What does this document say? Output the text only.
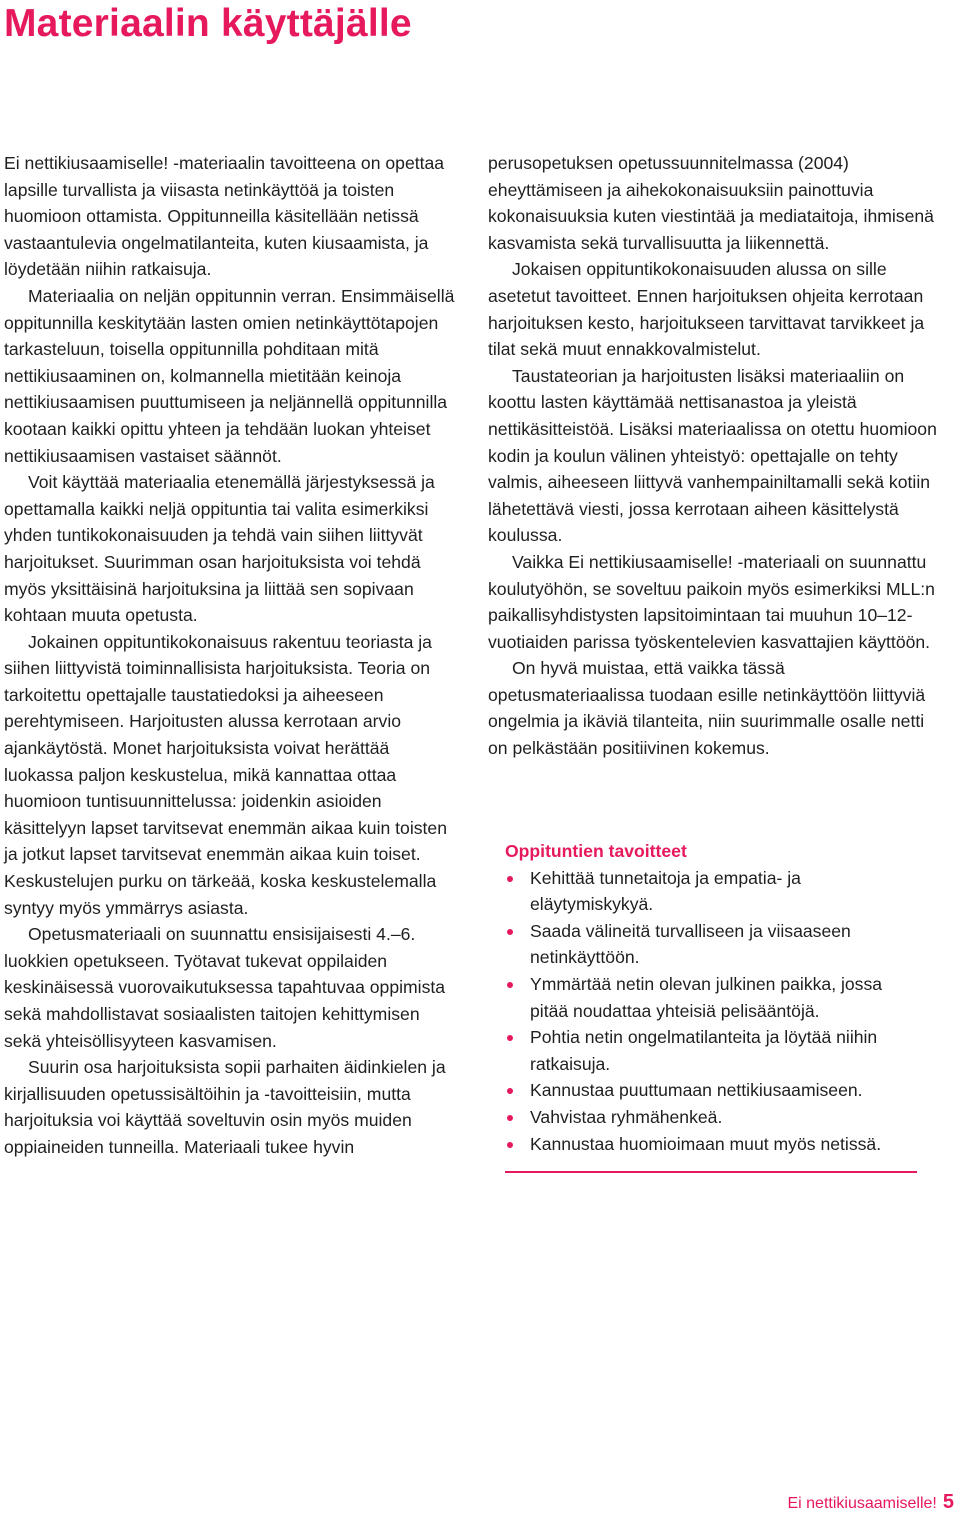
Materiaalin käyttäjälle

Ei nettikiusaamiselle! -materiaalin tavoitteena on opettaa lapsille turvallista ja viisasta netinkäyttöä ja toisten huomioon ottamista. Oppitunneilla käsitellään netissä vastaantulevia ongelmatilanteita, kuten kiusaamista, ja löydetään niihin ratkaisuja.

Materiaalia on neljän oppitunnin verran. Ensimmäisellä oppitunnilla keskitytään lasten omien netinkäyttötapojen tarkasteluun, toisella oppitunnilla pohditaan mitä nettikiusaaminen on, kolmannella mietitään keinoja nettikiusaamisen puuttumiseen ja neljännellä oppitunnilla kootaan kaikki opittu yhteen ja tehdään luokan yhteiset nettikiusaamisen vastaiset säännöt.

Voit käyttää materiaalia etenemällä järjestyksessä ja opettamalla kaikki neljä oppituntia tai valita esimerkiksi yhden tuntikokonaisuuden ja tehdä vain siihen liittyvät harjoitukset. Suurimman osan harjoituksista voi tehdä myös yksittäisinä harjoituksina ja liittää sen sopivaan kohtaan muuta opetusta.

Jokainen oppituntikokonaisuus rakentuu teoriasta ja siihen liittyvistä toiminnallisista harjoituksista. Teoria on tarkoitettu opettajalle taustatiedoksi ja aiheeseen perehtymiseen. Harjoitusten alussa kerrotaan arvio ajankäytöstä. Monet harjoituksista voivat herättää luokassa paljon keskustelua, mikä kannattaa ottaa huomioon tuntisuunnittelussa: joidenkin asioiden käsittelyyn lapset tarvitsevat enemmän aikaa kuin toisten ja jotkut lapset tarvitsevat enemmän aikaa kuin toiset. Keskustelujen purku on tärkeää, koska keskustelemalla syntyy myös ymmärrys asiasta.

Opetusmateriaali on suunnattu ensisijaisesti 4.–6. luokkien opetukseen. Työtavat tukevat oppilaiden keskinäisessä vuorovaikutuksessa tapahtuvaa oppimista sekä mahdollistavat sosiaalisten taitojen kehittymisen sekä yhteisöllisyyteen kasvamisen.

Suurin osa harjoituksista sopii parhaiten äidinkielen ja kirjallisuuden opetussisältöihin ja -tavoitteisiin, mutta harjoituksia voi käyttää soveltuvin osin myös muiden oppiaineiden tunneilla. Materiaali tukee hyvin

perusopetuksen opetussuunnitelmassa (2004) eheyttämiseen ja aihekokonaisuuksiin painottuvia kokonaisuuksia kuten viestintää ja mediataitoja, ihmisenä kasvamista sekä turvallisuutta ja liikennettä.

Jokaisen oppituntikokonaisuuden alussa on sille asetetut tavoitteet. Ennen harjoituksen ohjeita kerrotaan harjoituksen kesto, harjoitukseen tarvittavat tarvikkeet ja tilat sekä muut ennakkovalmistelut.

Taustateorian ja harjoitusten lisäksi materiaaliin on koottu lasten käyttämää nettisanastoa ja yleistä nettikäsitteistöä. Lisäksi materiaalissa on otettu huomioon kodin ja koulun välinen yhteistyö: opettajalle on tehty valmis, aiheeseen liittyvä vanhempainiltamalli sekä kotiin lähetettävä viesti, jossa kerrotaan aiheen käsittelystä koulussa.

Vaikka Ei nettikiusaamiselle! -materiaali on suunnattu koulutyöhön, se soveltuu paikoin myös esimerkiksi MLL:n paikallisyhdistysten lapsitoimintaan tai muuhun 10–12-vuotiaiden parissa työskentelevien kasvattajien käyttöön.

On hyvä muistaa, että vaikka tässä opetusmateriaalissa tuodaan esille netinkäyttöön liittyviä ongelmia ja ikäviä tilanteita, niin suurimmalle osalle netti on pelkästään positiivinen kokemus.

Oppituntien tavoitteet
Kehittää tunnetaitoja ja empatia- ja eläytymiskykyä.
Saada välineitä turvalliseen ja viisaaseen netinkäyttöön.
Ymmärtää netin olevan julkinen paikka, jossa pitää noudattaa yhteisiä pelisääntöjä.
Pohtia netin ongelmatilanteita ja löytää niihin ratkaisuja.
Kannustaa puuttumaan nettikiusaamiseen.
Vahvistaa ryhmähenkeä.
Kannustaa huomioimaan muut myös netissä.
Ei nettikiusaamiselle! 5
